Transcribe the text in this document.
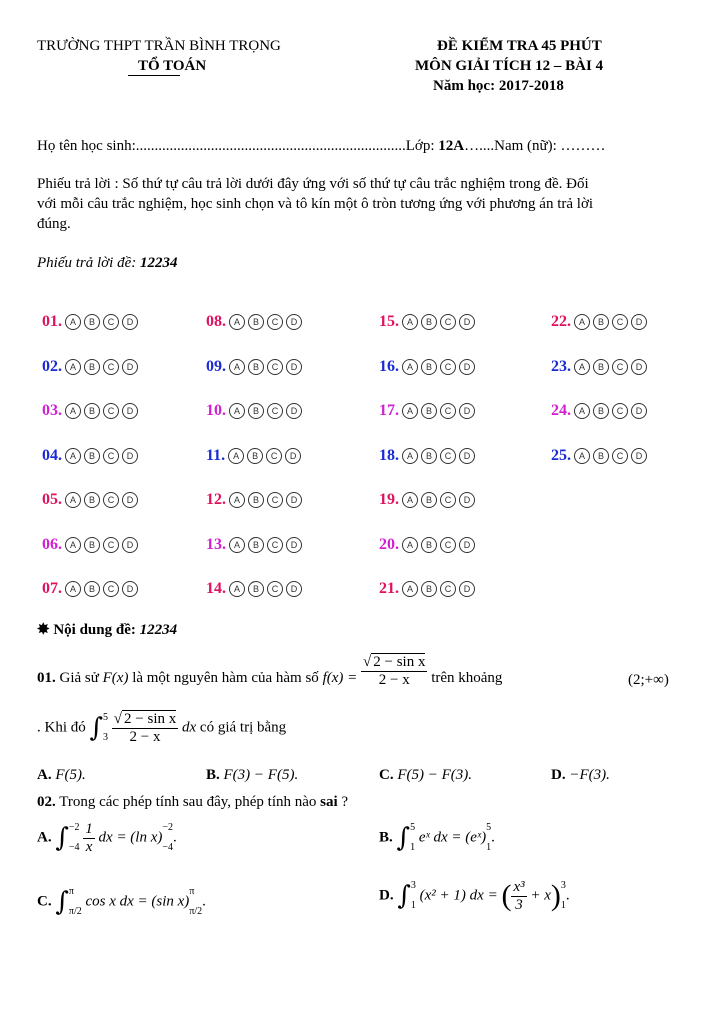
TRƯỜNG THPT TRẦN BÌNH TRỌNG
TỔ TOÁN
ĐỀ KIỂM TRA 45 PHÚT
MÔN GIẢI TÍCH 12 – BÀI 4
Năm học: 2017-2018
Họ tên học sinh:........................................................................Lớp: 12A…....Nam (nữ): ………
Phiếu trả lời : Số thứ tự câu trả lời dưới đây ứng với số thứ tự câu trắc nghiệm trong đề. Đối
với mỗi câu trắc nghiệm, học sinh chọn và tô kín một ô tròn tương ứng với phương án trả lời
đúng.
Phiếu trả lời đề: 12234
01. A B C D
02. A B C D
03. A B C D
04. A B C D
05. A B C D
06. A B C D
07. A B C D
08. A B C D
09. A B C D
10. A B C D
11. A B C D
12. A B C D
13. A B C D
14. A B C D
15. A B C D
16. A B C D
17. A B C D
18. A B C D
19. A B C D
20. A B C D
21. A B C D
22. A B C D
23. A B C D
24. A B C D
25. A B C D
✸ Nội dung đề: 12234
01. Giả sử F(x) là một nguyên hàm của hàm số $f(x) = \frac{\text{√ 2 − sin x}}{2 - x}$ trên khoảng	(2;+∞)
. Khi đó ∫ 5
3
$\frac{\text{√ 2 − sin x}}{2 - x}$ dx có giá trị bằng
A. F(5).	B. F(3) − F(5).	C. F(5) − F(3).	D. −F(3).
02. Trong các phép tính sau đây, phép tính nào sai ?
A. ∫ −2
−4
$\frac{1}{x}$ dx = (ln x)
−2
−4
.	B. ∫ 5
1
eˣ dx = (eˣ)
5
1
.
C. ∫ π
π/2
cos x dx = (sin x)
π
π/2
.	D. ∫ 3
1
(x² + 1) dx = ( $\frac{\text{x³}}{3} + x$) 3
1
.
